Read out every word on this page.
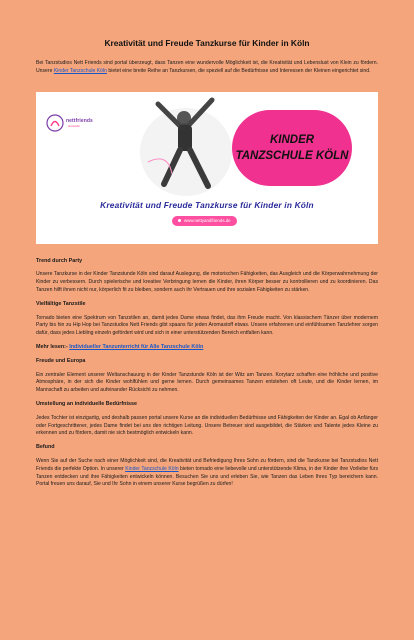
Kreativität und Freude Tanzkurse für Kinder in Köln

Bei Tanzstudios Nett Friends sind portal überzeugt, dass Tanzen eine wundervolle Möglichkeit ist, die Kreativität und Lebenslust von Klein zu fördern. Unsere Kinder Tanzschule Köln bietet eine breite Reihe an Tanzkursen, die speziell auf die Bedürfnisse und Interessen der Kleinen eingerichtet sind.

nettfriends
tanzstudio
KINDER
TANZSCHULE KÖLN
Kreativität und Freude Tanzkurse für Kinder in Köln
www.nettyandfriends.de

Trend durch Party

Unsere Tanzkurse in der Kinder Tanzstunde Köln sind darauf Auslegung, die motorischen Fähigkeiten, das Ausgleich und die Körperwahrnehmung der Kinder zu verbessern. Durch spielerische und kreative Verbringung lernen die Kinder, ihren Körper besser zu kontrollieren und zu koordinieren. Das Tanzen hilft ihnen nicht nur, körperlich fit zu bleiben, sondern auch ihr Vertrauen und ihre sozialen Fähigkeiten zu stärken.

Vielfältige Tanzstile

Tornado bieten eine Spektrum von Tanzstilen an, damit jedes Dame etwas findet, das ihm Freude macht. Von klassischem Tänzer über modernem Party bis hin zu Hip Hop bei Tanzstudios Nett Friends gibt spaans für jeden Aromastoff etwas. Unsere erfahrenen und einfühlsamen Tanzlehrer sorgen dafür, dass jedes Liebling einzeln gefördert wird und sich in einer unterstützenden Bereich entfalten kann.

Mehr lesen:- Individueller Tanzunterricht für Alle Tanzschule Köln

Freude und Europa

Ein zentraler Element unserer Weltanschauung in der Kinder Tanzstunde Köln ist der Witz am Tanzen. Korytarz schaffen eine fröhliche und positive Atmosphäre, in der sich die Kinder wohlfühlen und gerne lernen. Durch gemeinsames Tanzen entstehen oft Leute, und die Kinder lernen, im Mannschaft zu arbeiten und aufeinander Rücksicht zu nehmen.

Umstellung an individuelle Bedürfnisse

Jedes Tochter ist einzigartig, und deshalb passen portal unsere Kurse an die individuellen Bedürfnisse und Fähigkeiten der Kinder an. Egal ob Anfänger oder Fortgeschrittener, jedes Dame findet bei uns den richtigen Leitung. Unsere Betreuer sind ausgebildet, die Stärken und Talente jedes Kleine zu erkennen und zu fördern, damit nie sich bestmöglich entwickeln kann.

Befund

Wenn Sie auf der Suche nach einer Möglichkeit sind, die Kreativität und Befriedigung Ihres Sohn zu fördern, sind die Tanzkurse bei Tanzstudios Nett Friends die perfekte Option. In unserer Kinder Tanzschule Köln bieten tornado eine liebevolle und unterstützende Klima, in der Kinder ihre Vorliebe fürs Tanzen entdecken und ihre Fähigkeiten entwickeln können. Besuchen Sie uns und erleben Sie, wie Tanzen das Leben Ihres Typ bereichern kann. Portal freuen uns darauf, Sie und Ihr Sohn in einem unserer Kurse begrüßen zu dürfen!
